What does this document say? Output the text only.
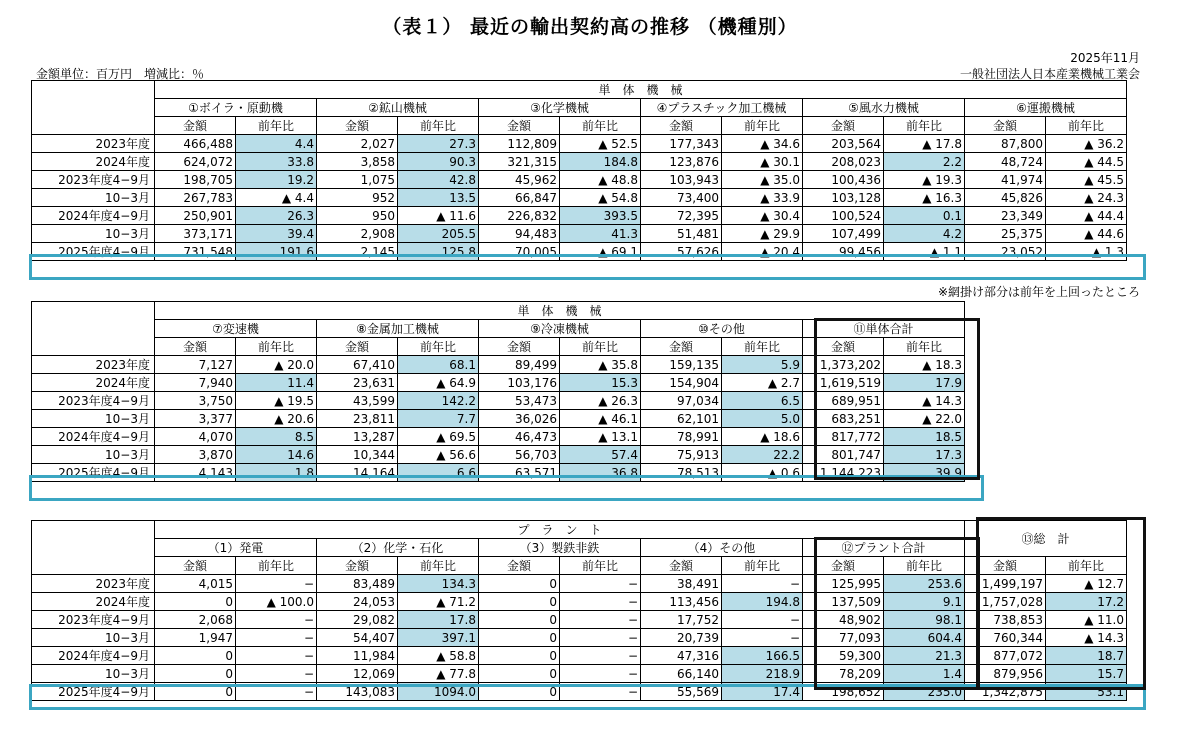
（表１） 最近の輸出契約高の推移 （機種別）
2025年11月
金額単位：百万円　増減比：％	一般社団法人日本産業機械工業会
※網掛け部分は前年を上回ったところ
	単　体　機　械											
	①ボイラ・原動機		②鉱山機械		③化学機械		④プラスチック加工機械		⑤風水力機械		⑥運搬機械	
	金額	前年比	金額	前年比	金額	前年比	金額	前年比	金額	前年比	金額	前年比
2023年度	466,488	4.4	2,027	27.3	112,809	▲ 52.5	177,343	▲ 34.6	203,564	▲ 17.8	87,800	▲ 36.2
2024年度	624,072	33.8	3,858	90.3	321,315	184.8	123,876	▲ 30.1	208,023	2.2	48,724	▲ 44.5
2023年度4−9月	198,705	19.2	1,075	42.8	45,962	▲ 48.8	103,943	▲ 35.0	100,436	▲ 19.3	41,974	▲ 45.5
10−3月	267,783	▲ 4.4	952	13.5	66,847	▲ 54.8	73,400	▲ 33.9	103,128	▲ 16.3	45,826	▲ 24.3
2024年度4−9月	250,901	26.3	950	▲ 11.6	226,832	393.5	72,395	▲ 30.4	100,524	0.1	23,349	▲ 44.4
10−3月	373,171	39.4	2,908	205.5	94,483	41.3	51,481	▲ 29.9	107,499	4.2	25,375	▲ 44.6
2025年度4−9月	731,548	191.6	2,145	125.8	70,005	▲ 69.1	57,626	▲ 20.4	99,456	▲ 1.1	23,052	▲ 1.3
	単　体　機　械									
	⑦変速機		⑧金属加工機械		⑨冷凍機械		⑩その他		⑪単体合計	
	金額	前年比	金額	前年比	金額	前年比	金額	前年比	金額	前年比
2023年度	7,127	▲ 20.0	67,410	68.1	89,499	▲ 35.8	159,135	5.9	1,373,202	▲ 18.3
2024年度	7,940	11.4	23,631	▲ 64.9	103,176	15.3	154,904	▲ 2.7	1,619,519	17.9
2023年度4−9月	3,750	▲ 19.5	43,599	142.2	53,473	▲ 26.3	97,034	6.5	689,951	▲ 14.3
10−3月	3,377	▲ 20.6	23,811	7.7	36,026	▲ 46.1	62,101	5.0	683,251	▲ 22.0
2024年度4−9月	4,070	8.5	13,287	▲ 69.5	46,473	▲ 13.1	78,991	▲ 18.6	817,772	18.5
10−3月	3,870	14.6	10,344	▲ 56.6	56,703	57.4	75,913	22.2	801,747	17.3
2025年度4−9月	4,143	1.8	14,164	6.6	63,571	36.8	78,513	▲ 0.6	1,144,223	39.9
	プ　ラ　ン　ト										⑬総　計	
	（1）発電		（2）化学・石化		（3）製鉄非鉄		（4）その他		⑫プラント合計			
	金額	前年比	金額	前年比	金額	前年比	金額	前年比	金額	前年比	金額	前年比
2023年度	4,015	−	83,489	134.3	0	−	38,491	−	125,995	253.6	1,499,197	▲ 12.7
2024年度	0	▲ 100.0	24,053	▲ 71.2	0	−	113,456	194.8	137,509	9.1	1,757,028	17.2
2023年度4−9月	2,068	−	29,082	17.8	0	−	17,752	−	48,902	98.1	738,853	▲ 11.0
10−3月	1,947	−	54,407	397.1	0	−	20,739	−	77,093	604.4	760,344	▲ 14.3
2024年度4−9月	0	−	11,984	▲ 58.8	0	−	47,316	166.5	59,300	21.3	877,072	18.7
10−3月	0	−	12,069	▲ 77.8	0	−	66,140	218.9	78,209	1.4	879,956	15.7
2025年度4−9月	0	−	143,083	1094.0	0	−	55,569	17.4	198,652	235.0	1,342,875	53.1
